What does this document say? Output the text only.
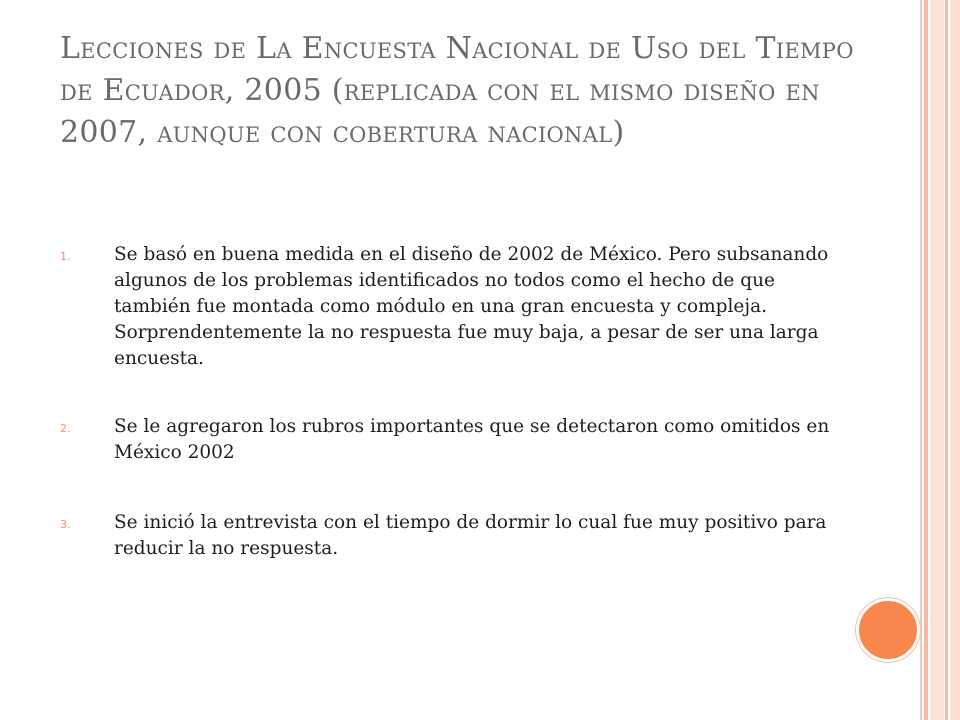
Lecciones de La Encuesta Nacional de Uso del Tiempo de Ecuador, 2005 (replicada con el mismo diseño en 2007, aunque con cobertura nacional)
1. Se basó en buena medida en el diseño de 2002 de México. Pero subsanando algunos de los problemas identificados no todos como el hecho de que también fue montada como módulo en una gran encuesta y compleja. Sorprendentemente la no respuesta fue muy baja, a pesar de ser una larga encuesta.
2. Se le agregaron los rubros importantes que se detectaron como omitidos en México 2002
3. Se inició la entrevista con el tiempo de dormir lo cual fue muy positivo para reducir la no respuesta.
